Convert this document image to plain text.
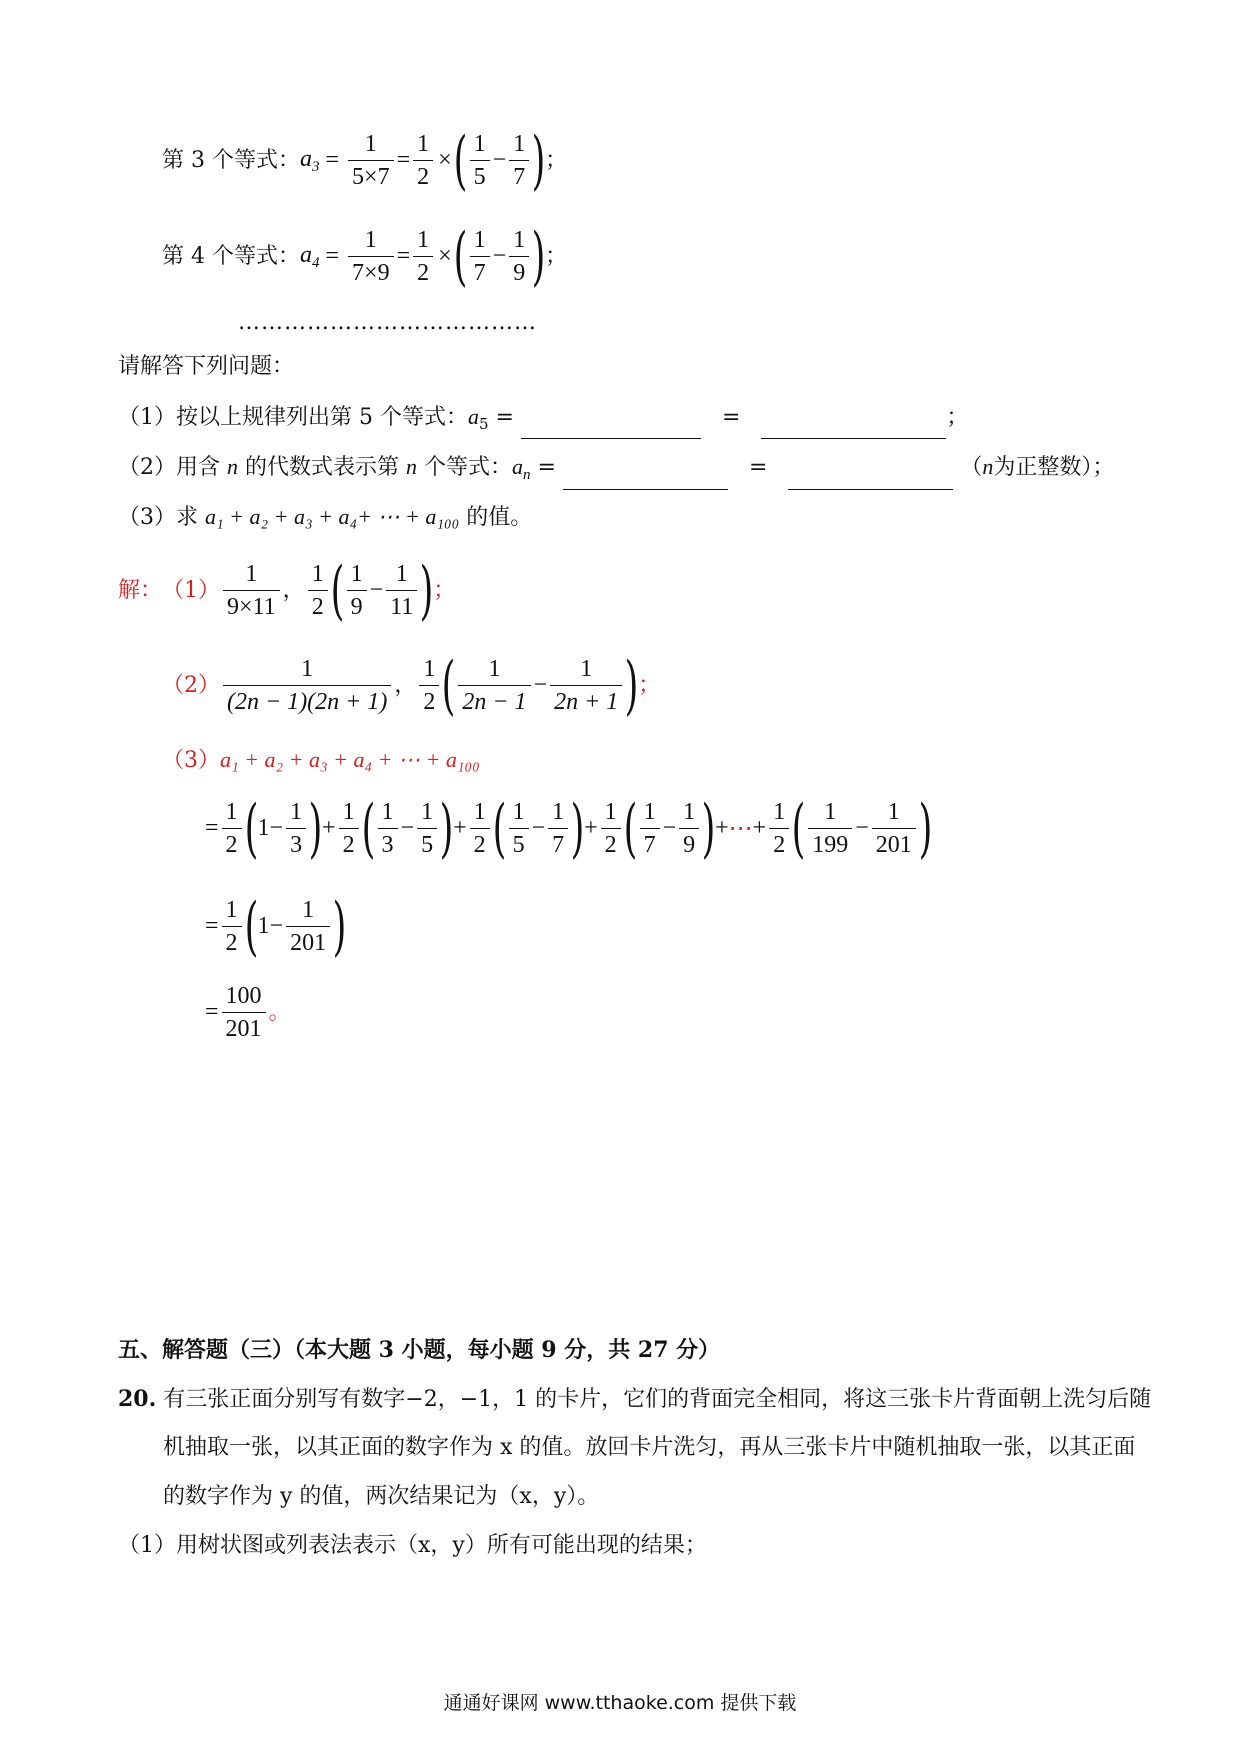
第 3 个等式： $a_3 = \frac{1}{5\times 7} = \frac{1}{2}$ × ( $\frac{1}{5} - \frac{1}{7}$ ) ；
第 4 个等式： $a_4 = \frac{1}{7\times 9} = \frac{1}{2}$ × ( $\frac{1}{7} - \frac{1}{9}$ ) ；
…………………………………
请解答下列问题：
（1）按以上规律列出第 5 个等式：$a_5$ =	=	；
（2）用含 n 的代数式表示第 n 个等式：$a_n$ =	=	（n为正整数）；
（3）求 a₁ + a₂ + a₃ + a₄+ ⋯ + a₁₀₀ 的值。
解： $(1) \frac{1}{9\times 11}$ ， $\frac{1}{2}$ ( $\frac{1}{9} - \frac{1}{11}$ ) ；
$(2) \frac{1}{(2n - 1)(2n + 1)}$ ， $\frac{1}{2}$ ( $\frac{1}{2n - 1} - \frac{1}{2n + 1}$ ) ；
（3）a₁ + a₂ + a₃ + a₄ + ⋯ + a₁₀₀
= $\frac{1}{2}$ ( $1 - \frac{1}{3}$ ) + $\frac{1}{2}$ ( $\frac{1}{3} - \frac{1}{5}$ ) + $\frac{1}{2}$ ( $\frac{1}{5} - \frac{1}{7}$ ) + $\frac{1}{2}$ ( $\frac{1}{7} - \frac{1}{9}$ ) + ⋯ + $\frac{1}{2}$ ( $\frac{1}{199} - \frac{1}{201}$ )
= $\frac{1}{2}$ ( $1 - \frac{1}{201}$ )
= $\frac{100}{201}$ 。
五、解答题（三）（本大题 3 小题，每小题 9 分，共 27 分）
20. 有三张正面分别写有数字−2，−1，1 的卡片，它们的背面完全相同，将这三张卡片背面朝上洗匀后随
机抽取一张，以其正面的数字作为 x 的值。放回卡片洗匀，再从三张卡片中随机抽取一张，以其正面
的数字作为 y 的值，两次结果记为（x，y）。
（1）用树状图或列表法表示（x，y）所有可能出现的结果；
通通好课网 www.tthaoke.com 提供下载
